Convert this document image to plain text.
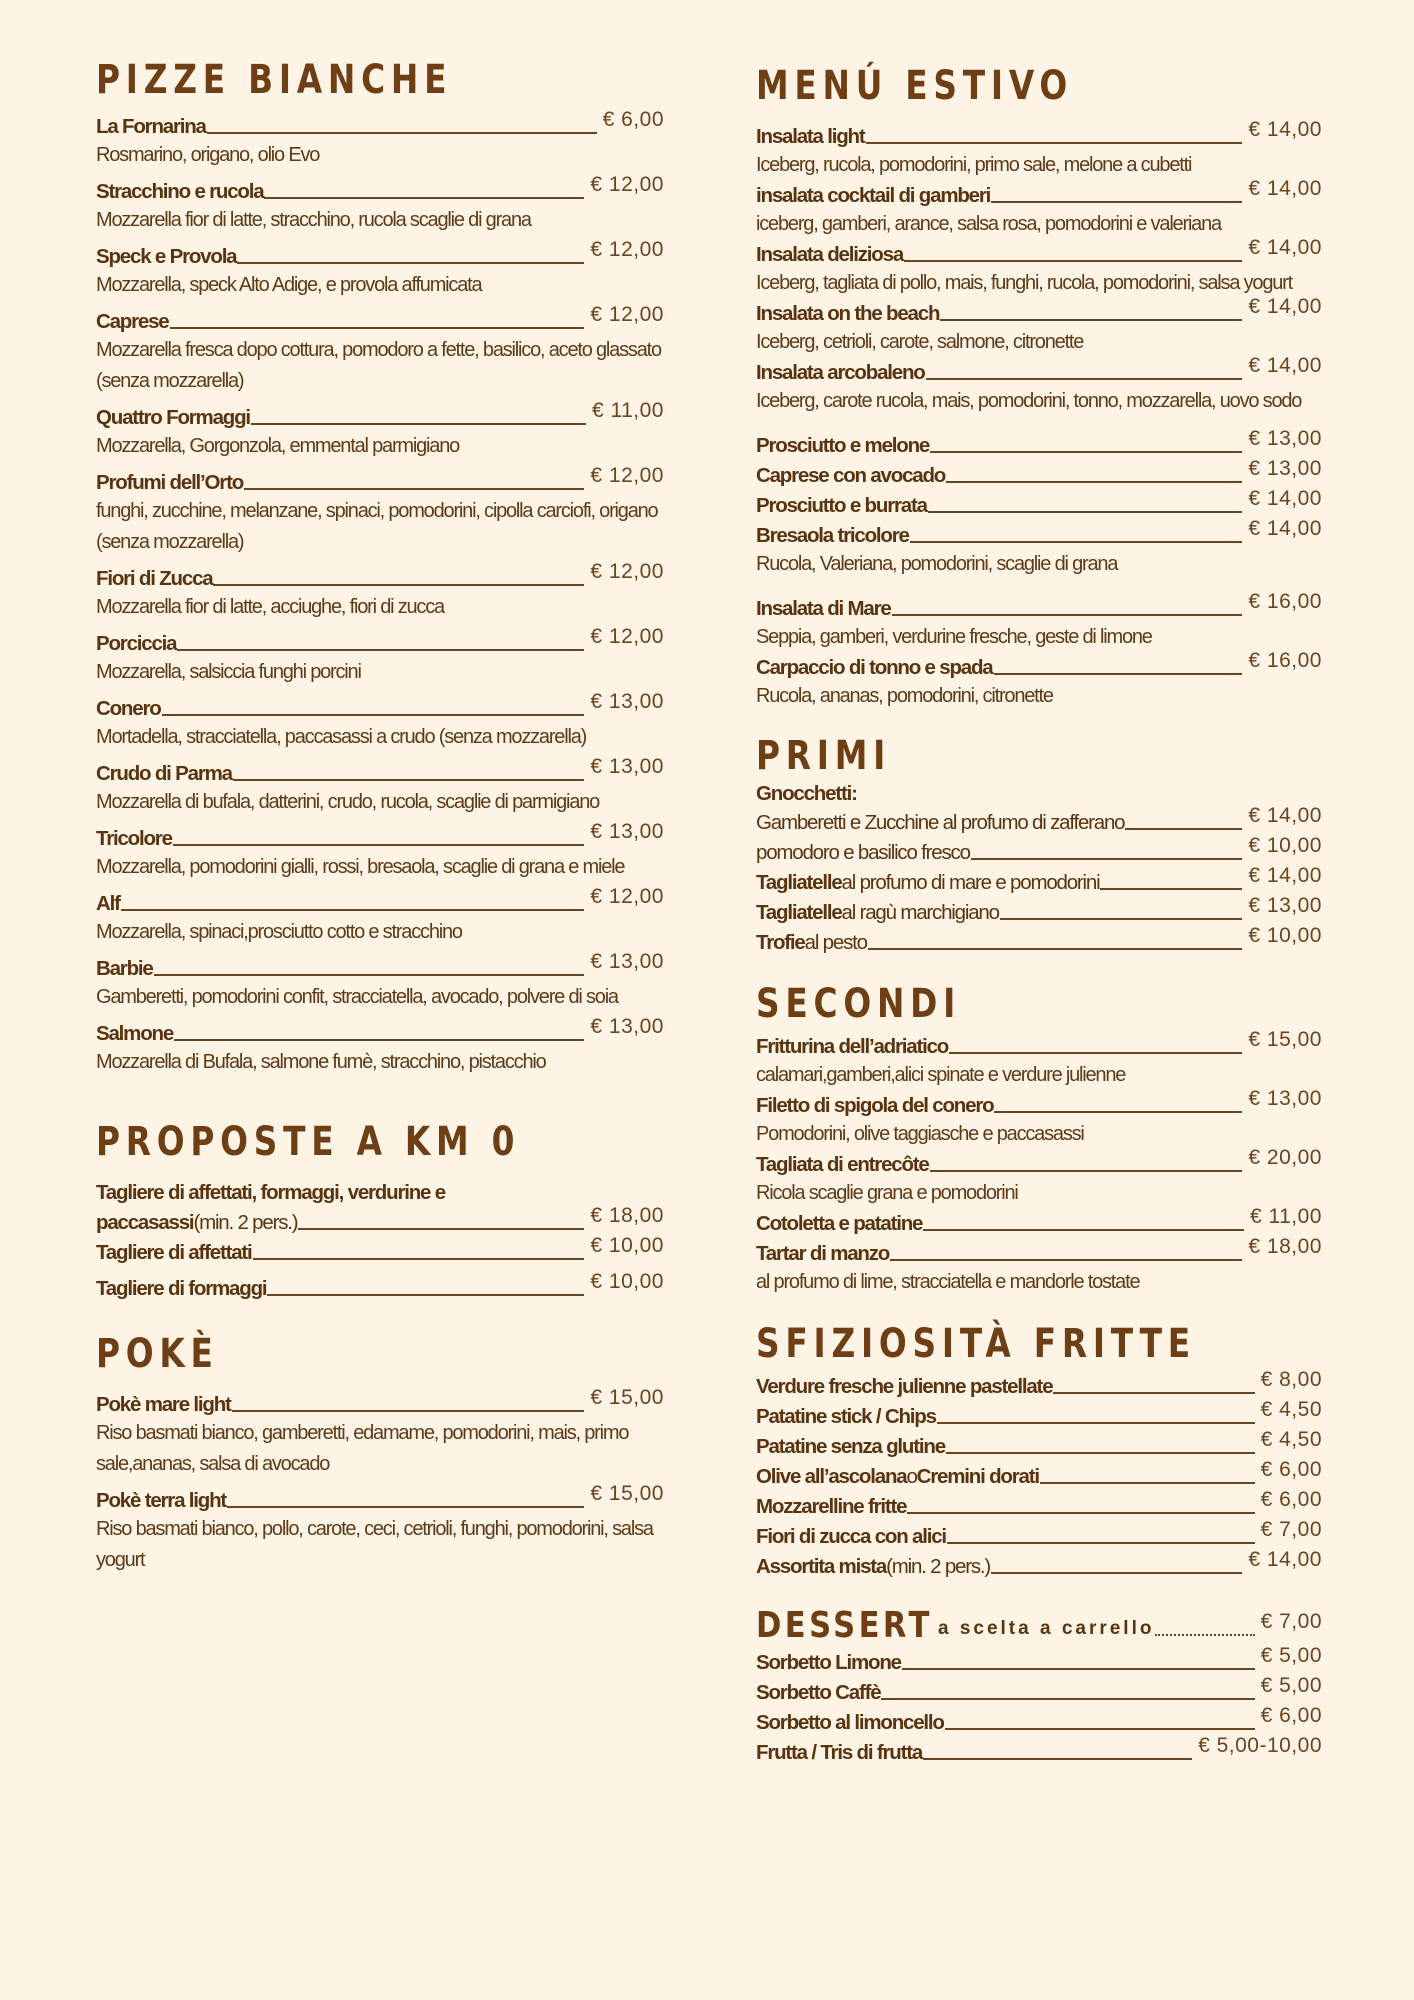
PIZZE BIANCHE
La Fornarina	€ 6,00
Rosmarino, origano, olio Evo
Stracchino e rucola	€ 12,00
Mozzarella fior di latte, stracchino, rucola scaglie di grana
Speck e Provola	€ 12,00
Mozzarella, speck Alto Adige, e provola affumicata
Caprese	€ 12,00
Mozzarella fresca dopo cottura, pomodoro a fette, basilico, aceto glassato (senza mozzarella)
Quattro Formaggi	€ 11,00
Mozzarella, Gorgonzola, emmental parmigiano
Profumi dell’Orto	€ 12,00
funghi, zucchine, melanzane, spinaci, pomodorini, cipolla carciofi, origano (senza mozzarella)
Fiori di Zucca	€ 12,00
Mozzarella fior di latte, acciughe, fiori di zucca
Porciccia	€ 12,00
Mozzarella, salsiccia funghi porcini
Conero	€ 13,00
Mortadella, stracciatella, paccasassi a crudo (senza mozzarella)
Crudo di Parma	€ 13,00
Mozzarella di bufala, datterini, crudo, rucola, scaglie di parmigiano
Tricolore	€ 13,00
Mozzarella, pomodorini gialli, rossi, bresaola, scaglie di grana e miele
Alf	€ 12,00
Mozzarella, spinaci,prosciutto cotto e stracchino
Barbie	€ 13,00
Gamberetti, pomodorini confit, stracciatella, avocado, polvere di soia
Salmone	€ 13,00
Mozzarella di Bufala, salmone fumè, stracchino, pistacchio
PROPOSTE A KM 0
Tagliere di affettati, formaggi, verdurine e
paccasassi (min. 2 pers.)	€ 18,00
Tagliere di affettati	€ 10,00
Tagliere di formaggi	€ 10,00
POKÈ
Pokè mare light	€ 15,00
Riso basmati bianco, gamberetti, edamame, pomodorini, mais, primo sale,ananas, salsa di avocado
Pokè terra light	€ 15,00
Riso basmati bianco, pollo, carote, ceci, cetrioli, funghi, pomodorini, salsa yogurt
MENÚ ESTIVO
Insalata light	€ 14,00
Iceberg, rucola, pomodorini, primo sale, melone a cubetti
insalata cocktail di gamberi	€ 14,00
iceberg, gamberi, arance, salsa rosa, pomodorini e valeriana
Insalata deliziosa	€ 14,00
Iceberg, tagliata di pollo, mais, funghi, rucola, pomodorini, salsa yogurt
Insalata on the beach	€ 14,00
Iceberg, cetrioli, carote, salmone, citronette
Insalata arcobaleno	€ 14,00
Iceberg, carote rucola, mais, pomodorini, tonno, mozzarella, uovo sodo
Prosciutto e melone	€ 13,00
Caprese con avocado	€ 13,00
Prosciutto e burrata	€ 14,00
Bresaola tricolore	€ 14,00
Rucola, Valeriana, pomodorini, scaglie di grana
Insalata di Mare	€ 16,00
Seppia, gamberi, verdurine fresche, geste di limone
Carpaccio di tonno e spada	€ 16,00
Rucola, ananas, pomodorini, citronette
PRIMI
Gnocchetti:
Gamberetti e Zucchine al profumo di zafferano	€ 14,00
pomodoro e basilico fresco	€ 10,00
Tagliatelle al profumo di mare e pomodorini	€ 14,00
Tagliatelle al ragù marchigiano	€ 13,00
Trofie al pesto	€ 10,00
SECONDI
Fritturina dell’adriatico	€ 15,00
calamari,gamberi,alici spinate e verdure julienne
Filetto di spigola del conero	€ 13,00
Pomodorini, olive taggiasche e paccasassi
Tagliata di entrecôte	€ 20,00
Ricola scaglie grana e pomodorini
Cotoletta e patatine	€ 11,00
Tartar di manzo	€ 18,00
al profumo di lime, stracciatella e mandorle tostate
SFIZIOSITÀ FRITTE
Verdure fresche julienne pastellate	€ 8,00
Patatine stick / Chips	€ 4,50
Patatine senza glutine	€ 4,50
Olive all’ascolana o Cremini dorati	€ 6,00
Mozzarelline fritte	€ 6,00
Fiori di zucca con alici	€ 7,00
Assortita mista (min. 2 pers.)	€ 14,00
DESSERT a scelta a carrello	€ 7,00
Sorbetto Limone	€ 5,00
Sorbetto Caffè	€ 5,00
Sorbetto al limoncello	€ 6,00
Frutta / Tris di frutta	€ 5,00-10,00
